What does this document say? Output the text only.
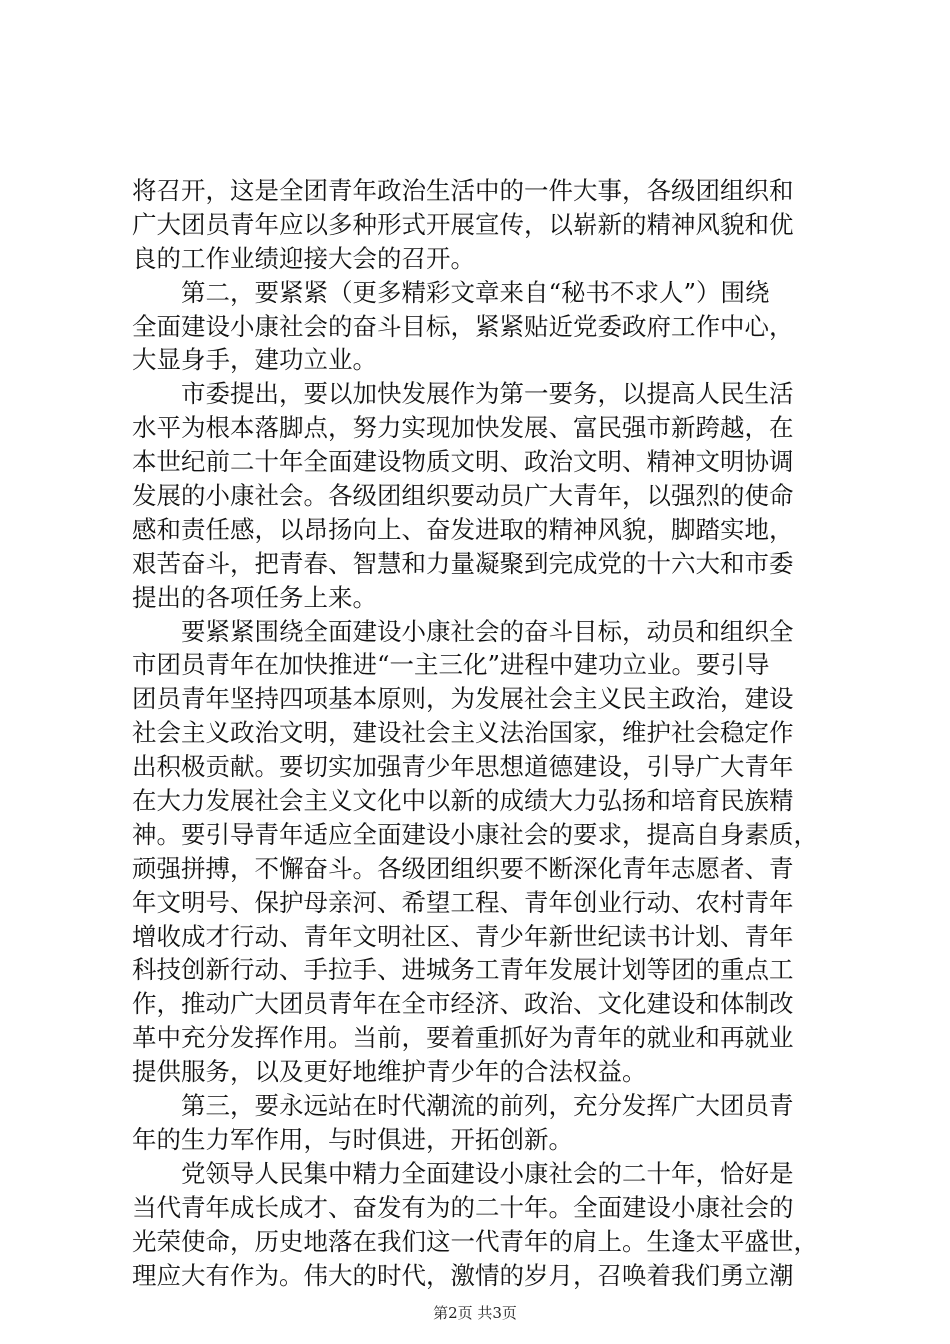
将召开，这是全团青年政治生活中的一件大事，各级团组织和
广大团员青年应以多种形式开展宣传，以崭新的精神风貌和优
良的工作业绩迎接大会的召开。
第二，要紧紧（更多精彩文章来自“秘书不求人”）围绕
全面建设小康社会的奋斗目标，紧紧贴近党委政府工作中心，
大显身手，建功立业。
市委提出，要以加快发展作为第一要务，以提高人民生活
水平为根本落脚点，努力实现加快发展、富民强市新跨越，在
本世纪前二十年全面建设物质文明、政治文明、精神文明协调
发展的小康社会。各级团组织要动员广大青年，以强烈的使命
感和责任感，以昂扬向上、奋发进取的精神风貌，脚踏实地，
艰苦奋斗，把青春、智慧和力量凝聚到完成党的十六大和市委
提出的各项任务上来。
要紧紧围绕全面建设小康社会的奋斗目标，动员和组织全
市团员青年在加快推进“一主三化”进程中建功立业。要引导
团员青年坚持四项基本原则，为发展社会主义民主政治，建设
社会主义政治文明，建设社会主义法治国家，维护社会稳定作
出积极贡献。要切实加强青少年思想道德建设，引导广大青年
在大力发展社会主义文化中以新的成绩大力弘扬和培育民族精
神。要引导青年适应全面建设小康社会的要求，提高自身素质，
顽强拼搏，不懈奋斗。各级团组织要不断深化青年志愿者、青
年文明号、保护母亲河、希望工程、青年创业行动、农村青年
增收成才行动、青年文明社区、青少年新世纪读书计划、青年
科技创新行动、手拉手、进城务工青年发展计划等团的重点工
作，推动广大团员青年在全市经济、政治、文化建设和体制改
革中充分发挥作用。当前，要着重抓好为青年的就业和再就业
提供服务，以及更好地维护青少年的合法权益。
第三，要永远站在时代潮流的前列，充分发挥广大团员青
年的生力军作用，与时俱进，开拓创新。
党领导人民集中精力全面建设小康社会的二十年，恰好是
当代青年成长成才、奋发有为的二十年。全面建设小康社会的
光荣使命，历史地落在我们这一代青年的肩上。生逢太平盛世，
理应大有作为。伟大的时代，激情的岁月，召唤着我们勇立潮
第2页 共3页
